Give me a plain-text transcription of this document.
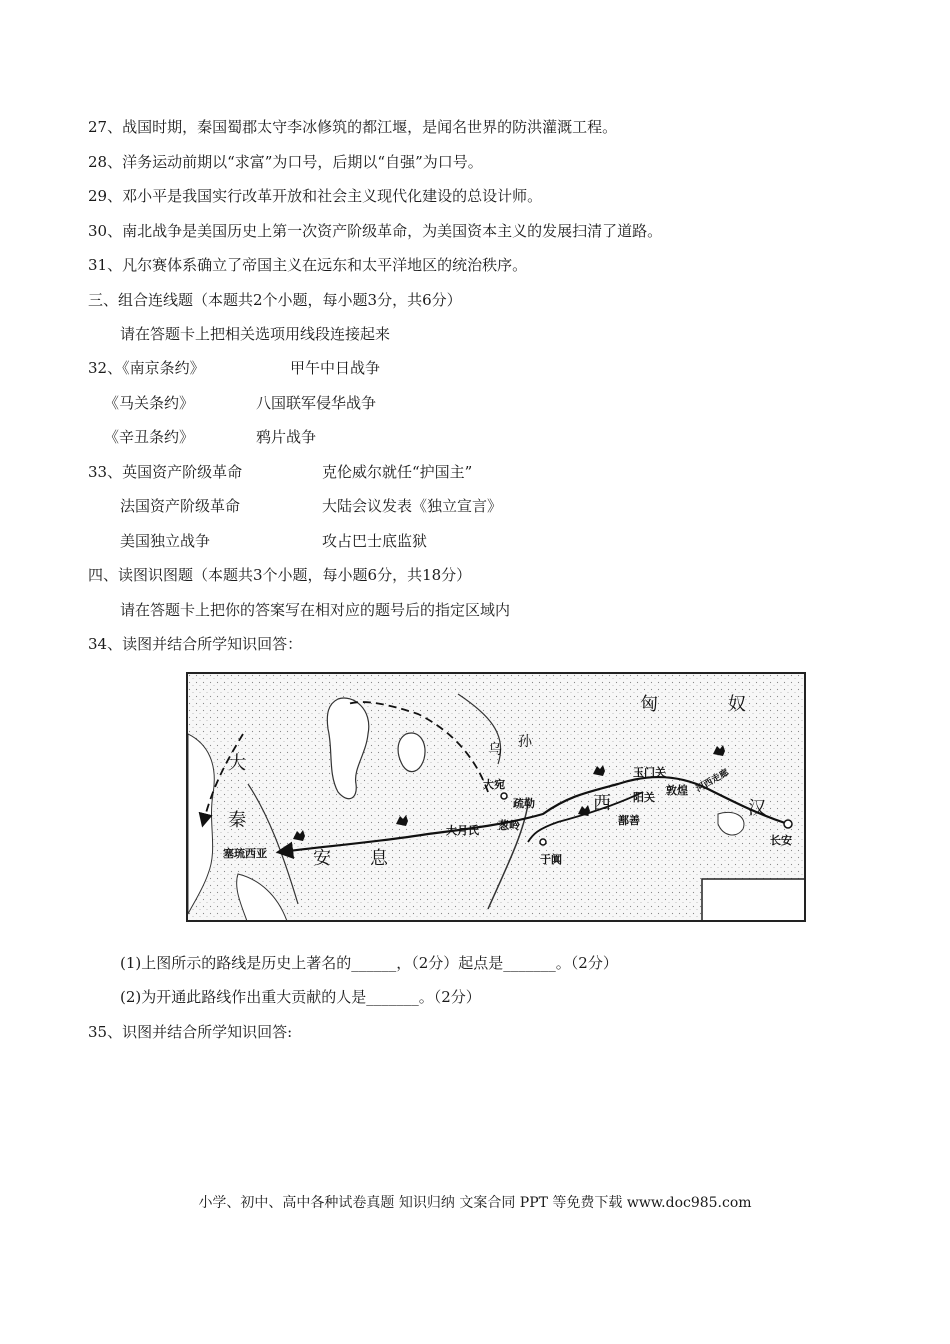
27、战国时期，秦国蜀郡太守李冰修筑的都江堰，是闻名世界的防洪灌溉工程。
28、洋务运动前期以“求富”为口号，后期以“自强”为口号。
29、邓小平是我国实行改革开放和社会主义现代化建设的总设计师。
30、南北战争是美国历史上第一次资产阶级革命，为美国资本主义的发展扫清了道路。
31、凡尔赛体系确立了帝国主义在远东和太平洋地区的统治秩序。
三、组合连线题（本题共2个小题，每小题3分，共6分）
请在答题卡上把相关选项用线段连接起来
32、《南京条约》	甲午中日战争
《马关条约》	八国联军侵华战争
《辛丑条约》	鸦片战争
33、英国资产阶级革命	克伦威尔就任“护国主”
法国资产阶级革命	大陆会议发表《独立宣言》
美国独立战争	攻占巴士底监狱
四、读图识图题（本题共3个小题，每小题6分，共18分）
请在答题卡上把你的答案写在相对应的题号后的指定区域内
34、读图并结合所学知识回答：
匈	奴
大
秦
安 息
西	汉
乌 孙
大宛
疏勒
大月氏 葱岭
于阗
鄯善
玉门关
阳关
敦煌
长安
塞琉西亚
河西走廊
(1)上图所示的路线是历史上著名的______，（2分）起点是_______。（2分）
(2)为开通此路线作出重大贡献的人是_______。（2分）
35、识图并结合所学知识回答:
小学、初中、高中各种试卷真题 知识归纳 文案合同 PPT 等免费下载 www.doc985.com
